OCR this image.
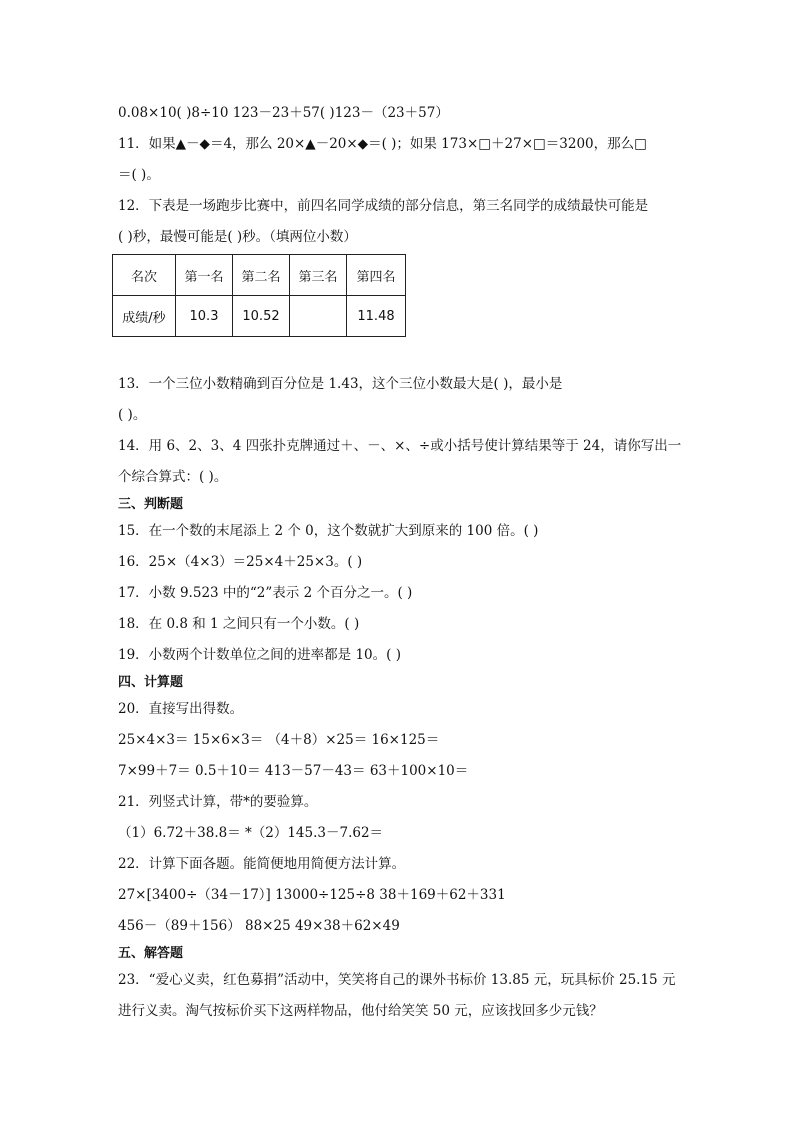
0.08×10( )8÷10 123－23＋57( )123－（23＋57）
11．如果▲－◆＝4，那么 20×▲－20×◆＝( )；如果 173×□＋27×□＝3200，那么□
＝( )。
12．下表是一场跑步比赛中，前四名同学成绩的部分信息，第三名同学的成绩最快可能是
( )秒，最慢可能是( )秒。（填两位小数）
名次	第一名	第二名	第三名	第四名
成绩/秒	10.3	10.52		11.48
13．一个三位小数精确到百分位是 1.43，这个三位小数最大是( )，最小是
( )。
14．用 6、2、3、4 四张扑克牌通过＋、－、×、÷或小括号使计算结果等于 24，请你写出一
个综合算式：( )。
三、判断题
15．在一个数的末尾添上 2 个 0，这个数就扩大到原来的 100 倍。( )
16．25×（4×3）＝25×4＋25×3。( )
17．小数 9.523 中的“2”表示 2 个百分之一。( )
18．在 0.8 和 1 之间只有一个小数。( )
19．小数两个计数单位之间的进率都是 10。( )
四、计算题
20．直接写出得数。
25×4×3＝ 15×6×3＝ （4＋8）×25＝ 16×125＝
7×99＋7＝ 0.5＋10＝ 413－57－43＝ 63＋100×10＝
21．列竖式计算，带*的要验算。
（1）6.72＋38.8＝ *（2）145.3－7.62＝
22．计算下面各题。能简便地用简便方法计算。
27×[3400÷（34－17）] 13000÷125÷8 38＋169＋62＋331
456－（89＋156） 88×25 49×38＋62×49
五、解答题
23．“爱心义卖，红色募捐”活动中，笑笑将自己的课外书标价 13.85 元，玩具标价 25.15 元
进行义卖。淘气按标价买下这两样物品，他付给笑笑 50 元，应该找回多少元钱？
